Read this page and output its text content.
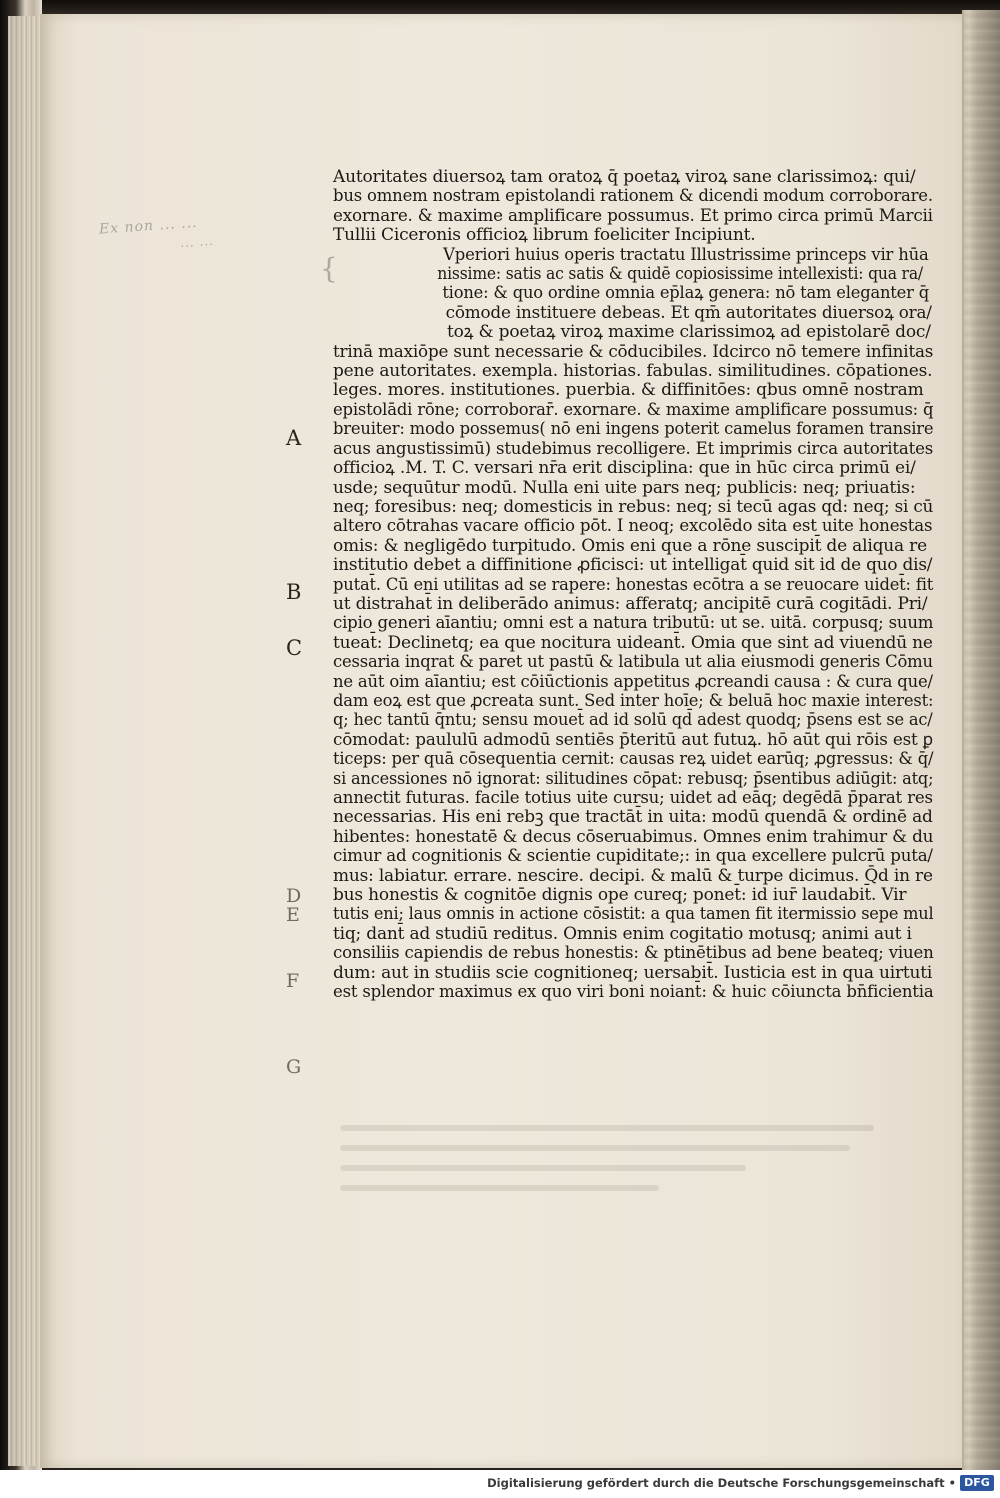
Ex non ... ...
... ...
{
A
B
C
D
E
F
G
Autoritates diuersoꝝ tam oratoꝝ q̄ poetaꝝ viroꝝ sane clarissimoꝝ: qui/
bus omnem nostram epistolandi rationem & dicendi modum corroborare.
exornare. & maxime amplificare possumus. Et primo circa primū Marcii
Tullii Ciceronis officioꝝ librum foeliciter Incipiunt.
Vperiori huius operis tractatu Illustrissime princeps vir hūa
nissime: satis ac satis & quidē copiosissime intellexisti: qua ra/
tione: & quo ordine omnia ep̄laꝝ genera: nō tam eleganter q̄
cōmode instituere debeas. Et qm̄ autoritates diuersoꝝ ora/
toꝝ & poetaꝝ viroꝝ maxime clarissimoꝝ ad epistolarē doc/
trinā maxiōpe sunt necessarie & cōducibiles. Idcirco nō temere infinitas
pene autoritates. exempla. historias. fabulas. similitudines. cōpationes.
leges. mores. institutiones. puerbia. & diffinitōes: qbus omnē nostram
epistolādi rōne; corroborar̄. exornare. & maxime amplificare possumus: q̄
breuiter: modo possemus( nō eni ingens poterit camelus foramen transire
acus angustissimū) studebimus recolligere. Et imprimis circa autoritates
officioꝝ .M. T. C. versari nr̄a erit disciplina: que in hūc circa primū ei/
usde; sequūtur modū. Nulla eni uite pars neq; publicis: neq; priuatis:
neq; foresibus: neq; domesticis in rebus: neq; si tecū agas qd: neq; si cū
altero cōtrahas vacare officio pōt. I neoq; excolēdo sita est uite honestas
omis: & negligēdo turpitudo. Omis eni que a rōne suscipit̄ de aliqua re
institutio debet a diffinitione ꝓficisci: ut intelligat̄ quid sit id de quo dis/
putat̄. Cū eni utilitas ad se rapere: honestas ecōtra a se reuocare uidet̄: fit
ut distrahat̄ in deliberādo animus: afferatq; ancipitē curā cogitādi. Pri/
cipio generi aīantiu; omni est a natura tributū: ut se. uitā. corpusq; suum
tueat̄: Declinetq; ea que nocitura uideant̄. Omia que sint ad viuendū ne
cessaria inqrat & paret ut pastū & latibula ut alia eiusmodi generis Cōmu
ne aūt oim aīantiu; est cōiūctionis appetitus ꝓcreandi causa : & cura que/
dam eoꝝ est que ꝓcreata sunt. Sed inter hoīe; & beluā hoc maxie interest:
q; hec tantū q̄ntu; sensu mouet̄ ad id solū qd̄ adest quodq; p̄sens est se ac/
cōmodat: paululū admodū sentiēs p̄teritū aut futuꝝ. hō aūt qui rōis est ꝑ
ticeps: per quā cōsequentia cernit: causas reꝝ uidet earūq; ꝓgressus: & q̄/
si ancessiones nō ignorat: silitudines cōpat: rebusq; p̄sentibus adiūgit: atq;
annectit futuras. facile totius uite cursu; uidet ad eāq; degēdā p̄parat res
necessarias. His eni rebꝫ que tractāt̄ in uita: modū quendā & ordinē ad
hibentes: honestatē & decus cōseruabimus. Omnes enim trahimur & du
cimur ad cognitionis & scientie cupiditate;: in qua excellere pulcrū puta/
mus: labiatur. errare. nescire. decipi. & malū & turpe dicimus. Q̄d in re
bus honestis & cognitōe dignis ope cureq; ponet̄: id iur̄ laudabit̄. Vir
tutis eni; laus omnis in actione cōsistit: a qua tamen fit itermissio sepe mul
tiq; dant̄ ad studiū reditus. Omnis enim cogitatio motusq; animi aut i
consiliis capiendis de rebus honestis: & ptinētibus ad bene beateq; viuen
dum: aut in studiis scie cognitioneq; uersabit̄. Iusticia est in qua uirtuti
est splendor maximus ex quo viri boni noiant̄: & huic cōiuncta bn̄ficientia
Digitalisierung gefördert durch die Deutsche Forschungsgemeinschaft • DFG
